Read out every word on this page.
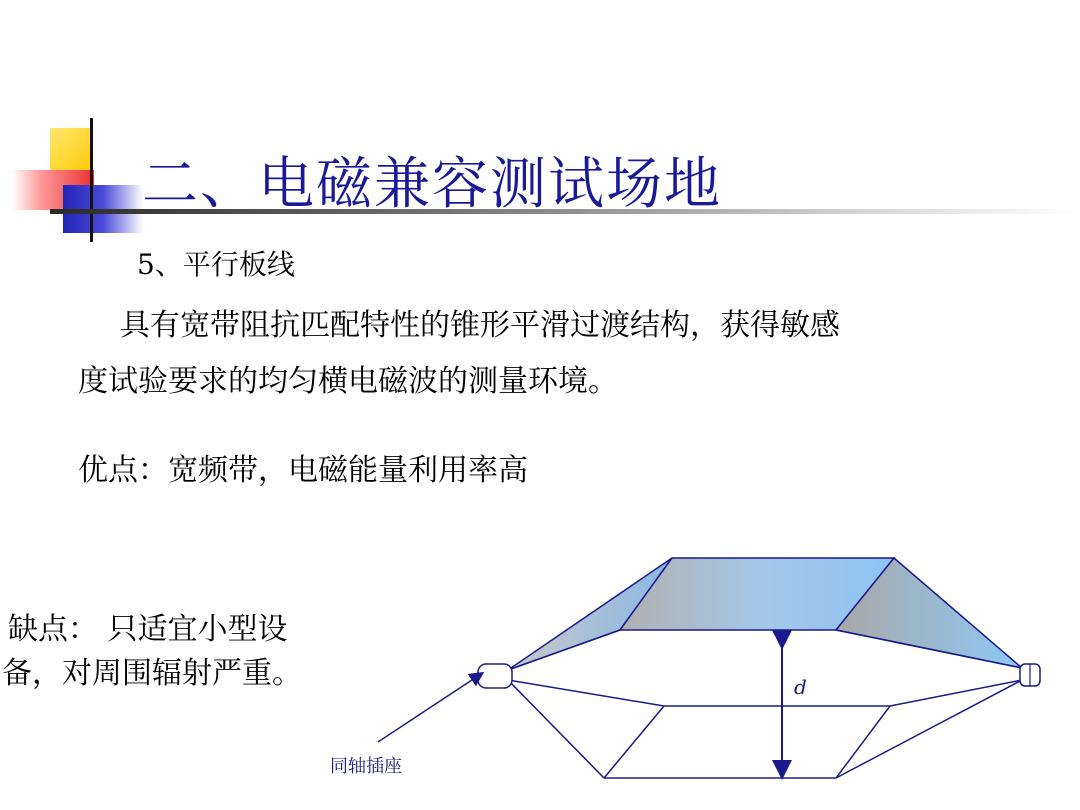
二、电磁兼容测试场地
5、平行板线
具有宽带阻抗匹配特性的锥形平滑过渡结构，获得敏感
度试验要求的均匀横电磁波的测量环境。
优点：宽频带，电磁能量利用率高
缺点： 只适宜小型设
备，对周围辐射严重。	d
同轴插座
